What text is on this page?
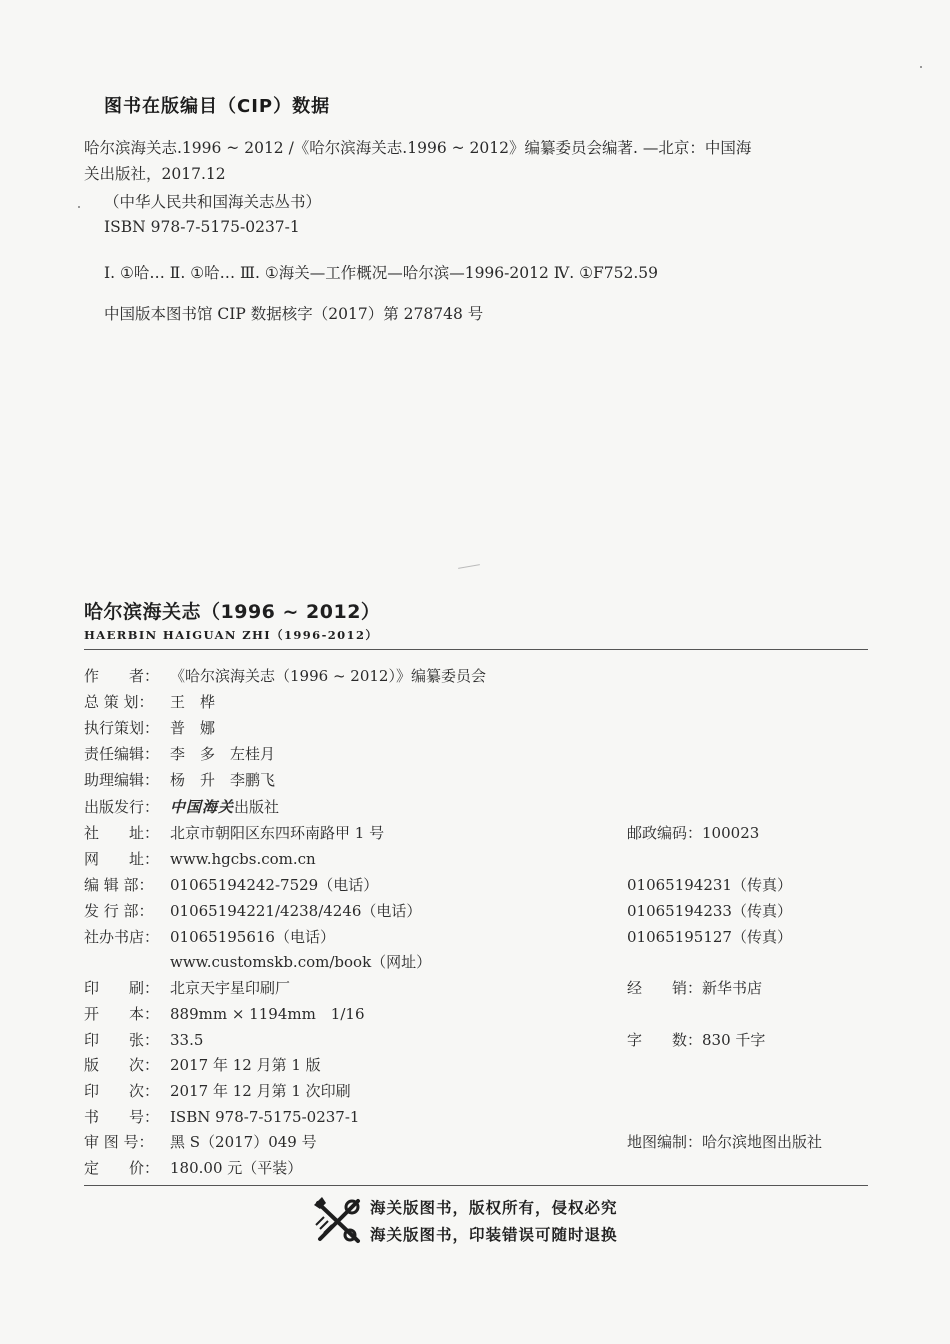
图书在版编目（CIP）数据
哈尔滨海关志.1996 ~ 2012 /《哈尔滨海关志.1996 ~ 2012》编纂委员会编著. —北京：中国海
关出版社，2017.12
（中华人民共和国海关志丛书）
ISBN 978-7-5175-0237-1
Ⅰ. ①哈… Ⅱ. ①哈… Ⅲ. ①海关—工作概况—哈尔滨—1996-2012 Ⅳ. ①F752.59
中国版本图书馆 CIP 数据核字（2017）第 278748 号
哈尔滨海关志（1996 ~ 2012）
HAERBIN HAIGUAN ZHI（1996-2012）
作　　者： 《哈尔滨海关志（1996 ~ 2012）》编纂委员会
总 策 划： 王　桦
执行策划： 普　娜
责任编辑： 李　多　左桂月
助理编辑： 杨　升　李鹏飞
出版发行： 中国海关出版社
社　　址： 北京市朝阳区东四环南路甲 1 号	邮政编码：100023
网　　址： www.hgcbs.com.cn
编 辑 部： 01065194242-7529（电话）	01065194231（传真）
发 行 部： 01065194221/4238/4246（电话）	01065194233（传真）
社办书店： 01065195616（电话）	01065195127（传真）
www.customskb.com/book（网址）
印　　刷： 北京天宇星印刷厂	经　　销：新华书店
开　　本： 889mm × 1194mm　1/16
印　　张： 33.5	字　　数：830 千字
版　　次： 2017 年 12 月第 1 版
印　　次： 2017 年 12 月第 1 次印刷
书　　号： ISBN 978-7-5175-0237-1
审 图 号： 黑 S（2017）049 号	地图编制：哈尔滨地图出版社
定　　价： 180.00 元（平装）
海关版图书，版权所有，侵权必究
海关版图书，印装错误可随时退换
